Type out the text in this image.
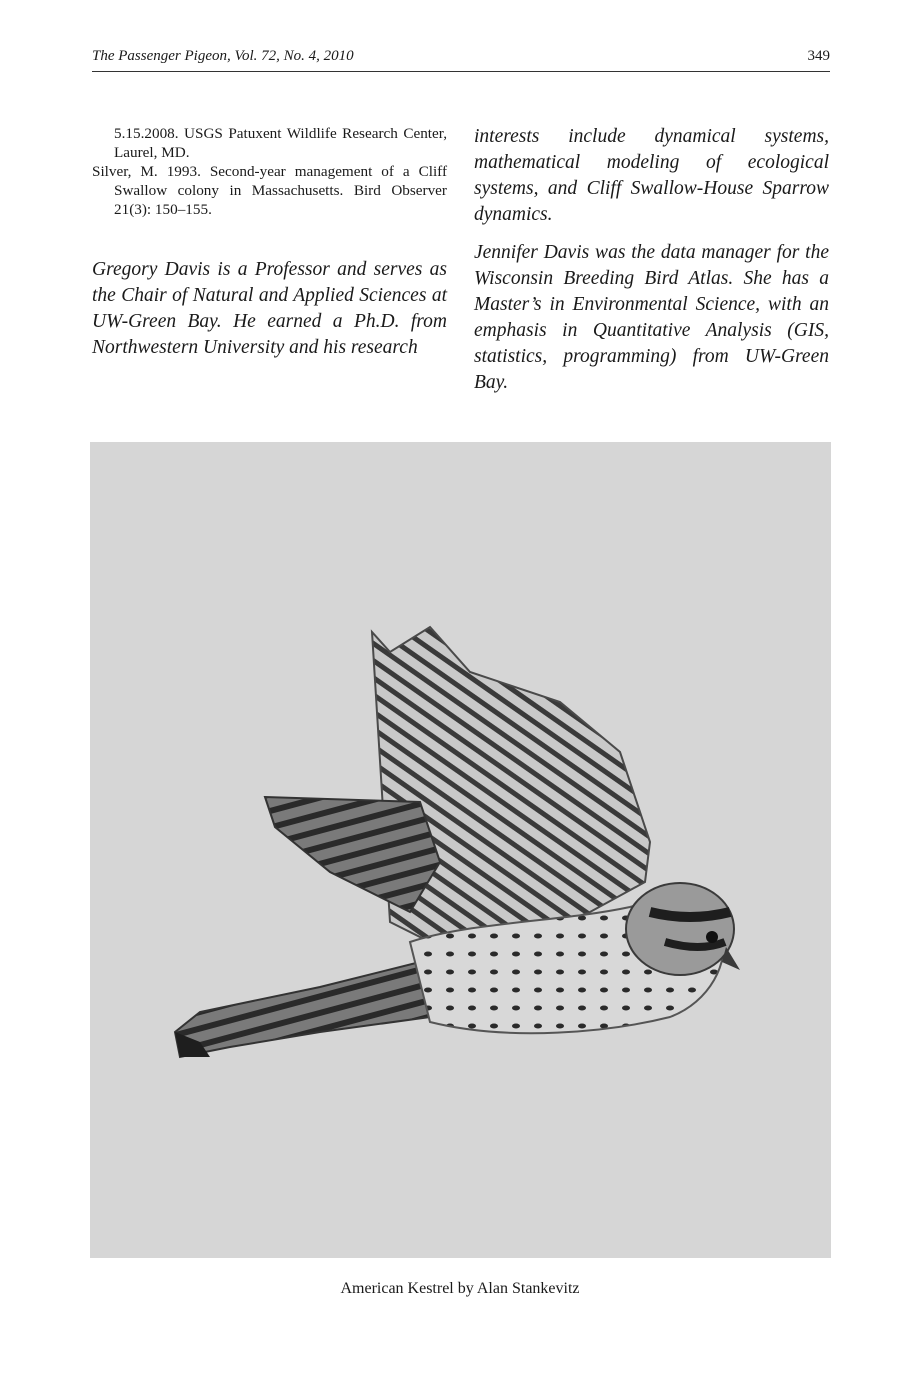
The Passenger Pigeon, Vol. 72, No. 4, 2010	349

5.15.2008. USGS Patuxent Wildlife Research Center, Laurel, MD.

Silver, M. 1993. Second-year management of a Cliff Swallow colony in Massachusetts. Bird Observer 21(3): 150–155.

Gregory Davis is a Professor and serves as the Chair of Natural and Applied Sciences at UW-Green Bay. He earned a Ph.D. from Northwestern University and his research

interests include dynamical systems, mathematical modeling of ecological systems, and Cliff Swallow-House Sparrow dynamics.

Jennifer Davis was the data manager for the Wisconsin Breeding Bird Atlas. She has a Master’s in Environmental Science, with an emphasis in Quantitative Analysis (GIS, statistics, programming) from UW-Green Bay.

American Kestrel by Alan Stankevitz
